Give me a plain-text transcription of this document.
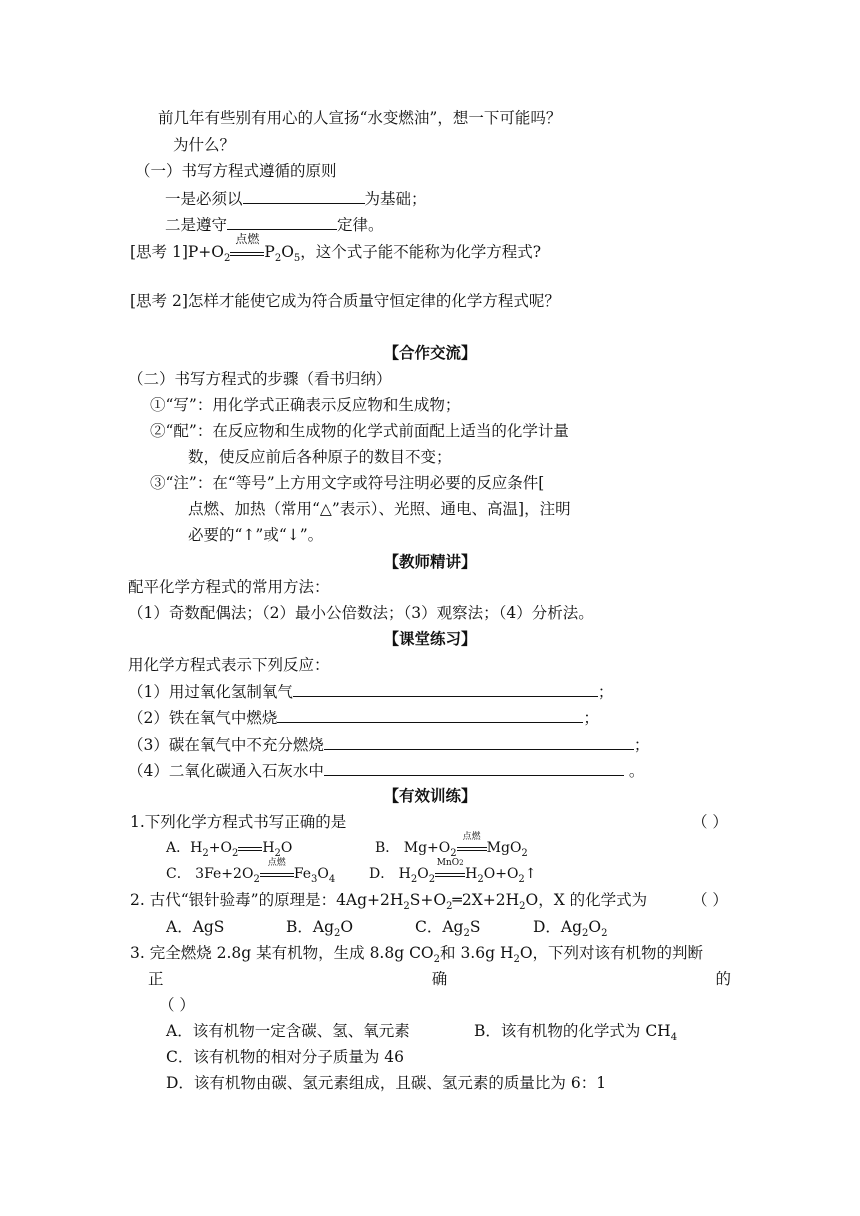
前几年有些别有用心的人宣扬“水变燃油”，想一下可能吗？
为什么？
（一）书写方程式遵循的原则
一是必须以	为基础；
二是遵守	定律。
[思考 $1]P+O_2$
点燃
$P_2O_5$，这个式子能不能称为化学方程式?
[思考 2]怎样才能使它成为符合质量守恒定律的化学方程式呢？
【合作交流】
（二）书写方程式的步骤（看书归纳）
①“写”：用化学式正确表示反应物和生成物；
②“配”：在反应物和生成物的化学式前面配上适当的化学计量
数，使反应前后各种原子的数目不变；
③“注”：在“等号”上方用文字或符号注明必要的反应条件[
点燃、加热（常用“△”表示）、光照、通电、高温]，注明
必要的“↑”或“↓”。
【教师精讲】
配平化学方程式的常用方法：
（1）奇数配偶法；（2）最小公倍数法；（3）观察法；（4）分析法。
【课堂练习】
用化学方程式表示下列反应：
（1）用过氧化氢制氧气	；
（2）铁在氧气中燃烧	；
（3）碳在氧气中不充分燃烧	；
（4）二氧化碳通入石灰水中	。
【有效训练】
1.下列化学方程式书写正确的是	（ ）
A．$H_2+O_2$ $H_2O$	B． $Mg+O_2$
点燃
MgO$_2$
C． $3Fe+2O_2$
点燃
$Fe_3O_4$ D． $H_2O_2$
MnO2
$H_2O+O_2↑$
2. 古代“银针验毒”的原理是：$4Ag+2H_2S+O_2═2X+2H_2O$，X 的化学式为	（ ）
A．AgS	B．$Ag_2O$	C．$Ag_2S$	D．$Ag_2O_2$
3. 完全燃烧 2.8g 某有机物，生成 8.8g $CO_2$和 3.6g $H_2O$，下列对该有机物的判断
正	确	的
（ ）
A．该有机物一定含碳、氢、氧元素	B．该有机物的化学式为 $CH_4$
C．该有机物的相对分子质量为 46
D．该有机物由碳、氢元素组成，且碳、氢元素的质量比为 6：1
